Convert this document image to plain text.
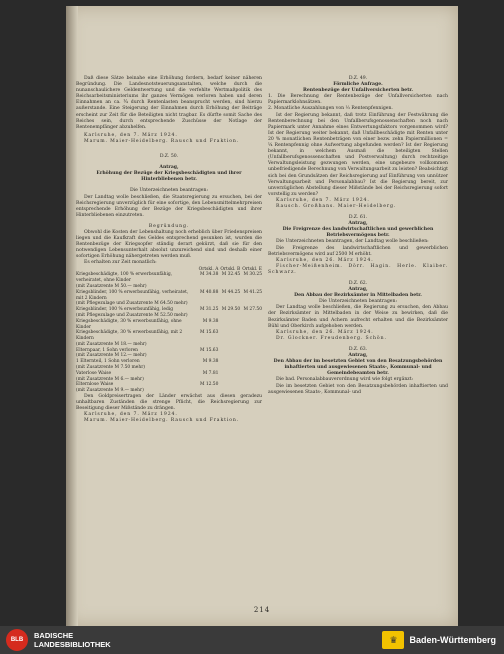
Daß diese Sätze beinahe eine Erhöhung fordern, bedarf keiner näheren Begründung. Die Landesnotsteuerungsanstalten, welche durch die nunanschaulichere Geldentwertung und die verfehlte Wertmaßpolitik des Reichsarbeitsministeriums ihr ganzes Vermögen verloren haben und deren Einnahmen an ca. ¾ durch Rentenlasten beansprucht werden, sind hierzu außerstande. Eine Steigerung der Einnahmen durch Erhöhung der Beiträge erscheint zur Zeit für die Beteiligten nicht tragbar. Es dürfte somit Sache des Reiches sein, durch entsprechende Zuschüsse der Notlage der Rentenempfänger abzuhelfen.

Karlsruhe, den 7. März 1924.

Marum. Maier-Heidelberg. Rausch und Fraktion.

D.Z. 50.

Antrag,

Erhöhung der Bezüge der Kriegsbeschädigten und ihrer Hinterbliebenen betr.

Die Unterzeichneten beantragen:

Der Landtag wolle beschließen, die Staatsregierung zu ersuchen, bei der Reichsregierung unverzüglich für eine sofortige, den Lebensmittelmehrpreisen entsprechende Erhöhung der Bezüge der Kriegsbeschädigten und ihrer Hinterbliebenen einzutreten.

Begründung.

Obwohl die Kosten der Lebenshaltung noch erheblich über Friedenspreisen liegen und die Kaufkraft des Geldes entsprechend gesunken ist, wurden die Rentenbezüge der Kriegsopfer ständig derart gekürzt, daß sie für den notwendigen Lebensunterhalt absolut unzureichend sind und deshalb einer sofortigen Erhöhung nähergetreten werden muß.

Es erhalten zur Zeit monatlich:

	Ortskl. A	Ortskl. B	Ortskl. E
Kriegsbeschädigte, 100 % erwerbsunfähig, verheiratet, ohne Kinder	M 34.38	M 32.45	M 30.25
(mit Zusatzrente M 50.— mehr)			
Kriegsblinder, 100 % erwerbsunfähig, verheiratet, mit 2 Kindern	M 40.88	M 44.25	M 41.25
(mit Pflegezulage und Zusatzrente M 64.50 mehr)			
Kriegsblinder, 100 % erwerbsunfähig, ledig	M 31.25	M 29.50	M 27.50
(mit Pflegezulage und Zusatzrente M 52.50 mehr)			
Kriegsbeschädigte, 30 % erwerbsunfähig, ohne Kinder	M 9.38		
Kriegsbeschädigte, 30 % erwerbsunfähig, mit 2 Kindern	M 15.63		
(mit Zusatzrente M 18.— mehr)			
Elternpaar, 1 Sohn verloren	M 15.63		
(mit Zusatzrente M 12.— mehr)			
1 Elternteil, 1 Sohn verloren	M 9.38		
(mit Zusatzrente M 7.50 mehr)			
Vaterlose Waise	M 7.81		
(mit Zusatzrente M 6.— mehr)			
Elternlose Waise	M 12.50		
(mit Zusatzrente M 9.— mehr)			

Den Goldpreisertragen der Länder erwächst aus diesen geradezu unhaltbaren Zuständen die strenge Pflicht, die Reichsregierung zur Beseitigung dieser Mißstände zu drängen.

Karlsruhe, den 7. März 1924.

Marum. Maier-Heidelberg. Rausch und Fraktion.

D.Z. 49.

Förmliche Anfrage.

Rentenbezüge der Unfallversicherten betr.

1. Die Berechnung der Rentenbezüge der Unfallversicherten nach Papiermarklohnsätzen.

2. Monatliche Auszahlungen von ⅓ Rentenpfennigen.

Ist der Regierung bekannt, daß trotz Einführung der Festwährung die Rentenberechnung bei den Unfallberufsgenossenschaften noch nach Papiermark unter Annahme eines Entwertungsfaktors vorgenommen wird? Ist der Regierung weiter bekannt, daß Unfallbeschädigte mit Renten unter 20 % monatlichen Rentenbeträgen von einer bezw. zehn Papiermillionen = ¼ Rentenpfennig ohne Aufwertung abgefunden werden? Ist der Regierung bekannt, in welchem Ausmaß die beteiligten Stellen (Unfallberufsgenossenschaften und Postverwaltung) durch rechtzeitige Verwaltungsleistung gezwungen werden, eine ungebeure vollkommen unbefriedigende Berechnung von Verwaltungsarbeit zu leisten? Beabsichtigt sich bei den Grundsätzen der Reichsregierung auf Einführung von unnützer Verwaltungsarbeit und Personalabbau? Ist die Regierung bereit, zur unverzüglichen Abstellung dieser Mißstände bei der Reichsregierung sofort vorstellig zu werden?

Karlsruhe, den 7. März 1924.

Rausch. Großhans. Maier-Heidelberg.

D.Z. 61.

Antrag,

Die Freigrenze des landwirtschaftlichen und gewerblichen Betriebsvermögens betr.

Die Unterzeichneten beantragen, der Landtag wolle beschließen:

Die Freigrenze des landwirtschaftlichen und gewerblichen Betriebsvermögens wird auf 2500 M erhöht.

Karlsruhe, den 26. März 1924.

Fischer-Meißenheim. Dörr. Hagin. Herle. Klaiber. Schwarz.

D.Z. 62.

Antrag,

Den Abbau der Bezirksämter in Mittelbaden betr.

Die Unterzeichneten beantragen:

Der Landtag wolle beschließen, die Regierung zu ersuchen, den Abbau der Bezirksämter in Mittelbaden in der Weise zu bewirken, daß die Bezirksämter Baden und Achern aufrecht erhalten und die Bezirksämter Bühl und Oberkirch aufgehoben werden.

Karlsruhe, den 26. März 1924.

Dr. Glockner. Freudenberg. Schön.

D.Z. 63.

Antrag,

Den Abbau der im besetzten Gebiet von den Besatzungsbehörden inhaftierten und ausgewiesenen Staats-, Kommunal- und Gemeindebeamten betr.

Die bad. Personalabbauverordnung wird wie folgt ergänzt:

Die im besetzten Gebiet von den Besatzungsbehörden inhaftierten und ausgewiesenen Staats-, Kommunal- und

214
BLB	BADISCHE
LANDESBIBLIOTHEK	♛	Baden-Württemberg
